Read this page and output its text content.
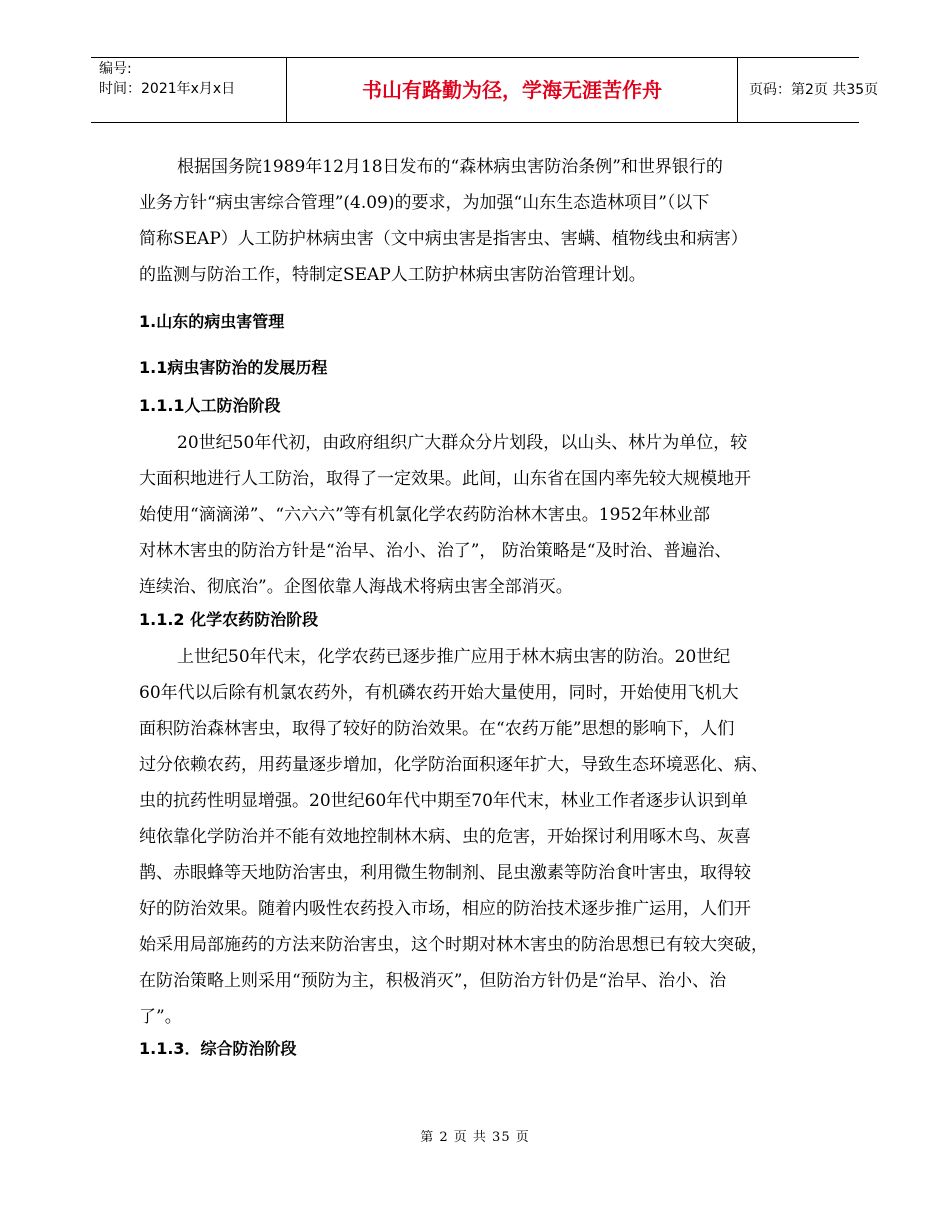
编号:
时间：2021年x月x日	书山有路勤为径，学海无涯苦作舟	页码：第2页 共35页
根据国务院1989年12月18日发布的“森林病虫害防治条例”和世界银行的
业务方针“病虫害综合管理”(4.09)的要求，为加强“山东生态造林项目”（以下
简称SEAP）人工防护林病虫害（文中病虫害是指害虫、害螨、植物线虫和病害）
的监测与防治工作，特制定SEAP人工防护林病虫害防治管理计划。
1.山东的病虫害管理
1.1病虫害防治的发展历程
1.1.1人工防治阶段
20世纪50年代初，由政府组织广大群众分片划段，以山头、林片为单位，较
大面积地进行人工防治，取得了一定效果。此间，山东省在国内率先较大规模地开
始使用“滴滴涕”、“六六六”等有机氯化学农药防治林木害虫。1952年林业部
对林木害虫的防治方针是“治早、治小、治了”， 防治策略是“及时治、普遍治、
连续治、彻底治”。企图依靠人海战术将病虫害全部消灭。
1.1.2 化学农药防治阶段
上世纪50年代末，化学农药已逐步推广应用于林木病虫害的防治。20世纪
60年代以后除有机氯农药外，有机磷农药开始大量使用，同时，开始使用飞机大
面积防治森林害虫，取得了较好的防治效果。在“农药万能”思想的影响下，人们
过分依赖农药，用药量逐步增加，化学防治面积逐年扩大，导致生态环境恶化、病、
虫的抗药性明显增强。20世纪60年代中期至70年代末，林业工作者逐步认识到单
纯依靠化学防治并不能有效地控制林木病、虫的危害，开始探讨利用啄木鸟、灰喜
鹊、赤眼蜂等天地防治害虫，利用微生物制剂、昆虫激素等防治食叶害虫，取得较
好的防治效果。随着内吸性农药投入市场，相应的防治技术逐步推广运用，人们开
始采用局部施药的方法来防治害虫，这个时期对林木害虫的防治思想已有较大突破，
在防治策略上则采用“预防为主，积极消灭”，但防治方针仍是“治早、治小、治
了”。
1.1.3．综合防治阶段
第 2 页 共 35 页
